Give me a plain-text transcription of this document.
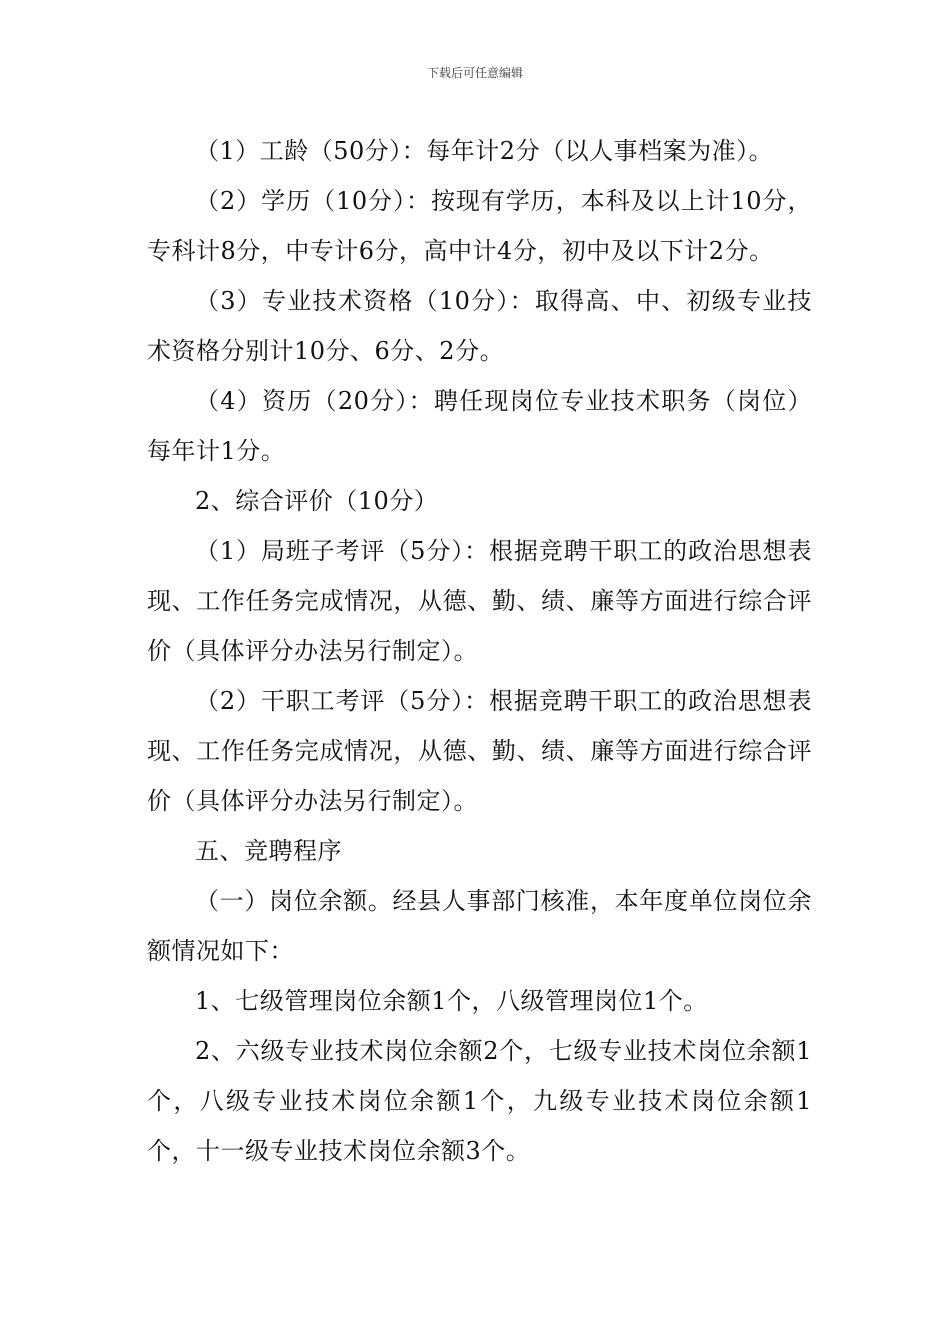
下载后可任意编辑

（1）工龄（50分）：每年计2分（以人事档案为准）。

（2）学历（10分）：按现有学历，本科及以上计10分，专科计8分，中专计6分，高中计4分，初中及以下计2分。

（3）专业技术资格（10分）：取得高、中、初级专业技术资格分别计10分、6分、2分。

（4）资历（20分）：聘任现岗位专业技术职务（岗位）每年计1分。

2、综合评价（10分）

（1）局班子考评（5分）：根据竞聘干职工的政治思想表现、工作任务完成情况，从德、勤、绩、廉等方面进行综合评价（具体评分办法另行制定）。

（2）干职工考评（5分）：根据竞聘干职工的政治思想表现、工作任务完成情况，从德、勤、绩、廉等方面进行综合评价（具体评分办法另行制定）。

五、竞聘程序

（一）岗位余额。经县人事部门核准，本年度单位岗位余额情况如下：

1、七级管理岗位余额1个，八级管理岗位1个。

2、六级专业技术岗位余额2个，七级专业技术岗位余额1个，八级专业技术岗位余额1个，九级专业技术岗位余额1个，十一级专业技术岗位余额3个。
